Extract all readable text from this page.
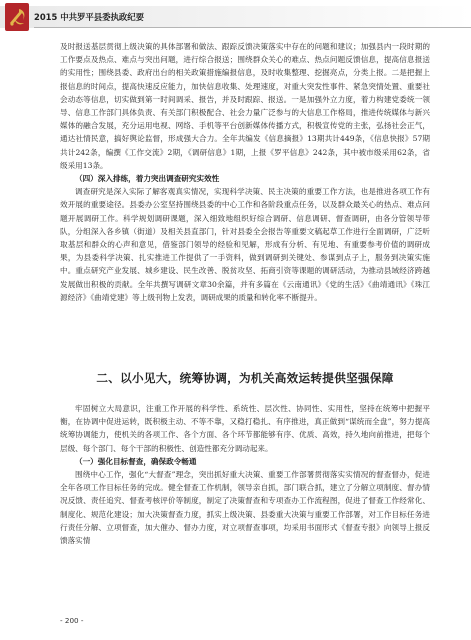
2015 中共罗平县委执政纪要

及时报送基层贯彻上级决策的具体部署和做法、跟踪反馈决策落实中存在的问题和建议；加强县内一段时期的工作要点及热点、难点与突出问题，进行综合报送；围绕群众关心的难点、热点问题反馈信息，提高信息报送的实用性；围绕县委、政府出台的相关政策措施编报信息，及时收集整理、挖掘亮点，分类上报。二是把握上报信息的时间点，提高快速反应能力，加快信息收集、处理速度，对重大突发性事件、紧急突情处置、重要社会动态等信息，切实做到第一时间调采、报告，并及时跟踪、报送。一是加强外立力度，着力构建党委统一领导、信息工作部门具体负责、有关部门积极配合、社会力量广泛参与的大信息工作格局，推进传统媒体与新兴媒体的融合发展，充分运用电视、网络、手机等平台创新媒体传播方式，积极宣传党的主张，弘扬社会正气，通达社情民意，搞好舆论监督，形成强大合力。全年共编发《信息摘报》13期共计449条，《信息快报》57期共计242条，编撰《工作交流》2期，《调研信息》1期，上报《罗平信息》242条，其中被市级采用62条，省级采用13条。

（四）深入排练，着力突出调查研究实效性

调查研究是深入实际了解客观真实情况，实现科学决策、民主决策的重要工作方法，也是推进各项工作有效开展的重要途径。县委办公室坚持围绕县委的中心工作和各阶段重点任务，以及群众最关心的热点、难点问题开展调研工作。科学规划调研课题，深入细致地组织好综合调研、信息调研、督查调研，由各分管领导带队，分组深入各乡镇（街道）及相关县直部门，针对县委全会报告等重要文稿起草工作进行全面调研，广泛听取基层和群众的心声和意见，借鉴部门领导的经验和见解，形成有分析、有见地、有重要参考价值的调研成果，为县委科学决策、扎实推进工作提供了一手资料，做到调研到关键处、参谋到点子上，服务到决策实施中。重点研究产业发展、城乡建设、民生改善、脱贫攻坚、拓商引资等课题的调研活动，为推动县域经济跨越发展做出积极的贡献。全年共撰写调研文章30余篇，并有多篇在《云南通讯》《党的生活》《曲靖通讯》《珠江源经济》《曲靖党建》等上级刊物上发表，调研成果的质量和转化率不断提升。

二、以小见大，统筹协调，为机关高效运转提供坚强保障

牢固树立大局意识，注重工作开展的科学性、系统性、层次性、协同性、实用性，坚持在统筹中把握平衡，在协调中促进运转，既积极主动、不等不靠，又稳打稳扎、有序推进，真正做到“谋统而全盘”，努力提高统筹协调能力，使机关的各项工作、各个方面、各个环节都能够有序、优质、高效，持久地向前推进，把每个层级、每个部门、每个干部的积极性、创造性都充分调动起来。

（一）强化目标督查，确保政令畅通

围绕中心工作，强化“大督查”理念，突出抓好重大决策、重要工作部署贯彻落实实情况的督查督办，促进全年各项工作目标任务的完成。健全督查工作机制，领导亲自抓，部门联合抓，建立了分解立项制度、督办情况反馈、责任追究、督查考核评价等制度，制定了决策督查和专项查办工作流程图，促进了督查工作经常化、制度化、规范化建设；加大决策督查力度，抓实上级决策、县委重大决策与重要工作部署，对工作目标任务进行责任分解、立项督查，加大催办、督办力度，对立项督查事项，均采用书面形式《督查专报》向领导上报反馈落实情

- 200 -
